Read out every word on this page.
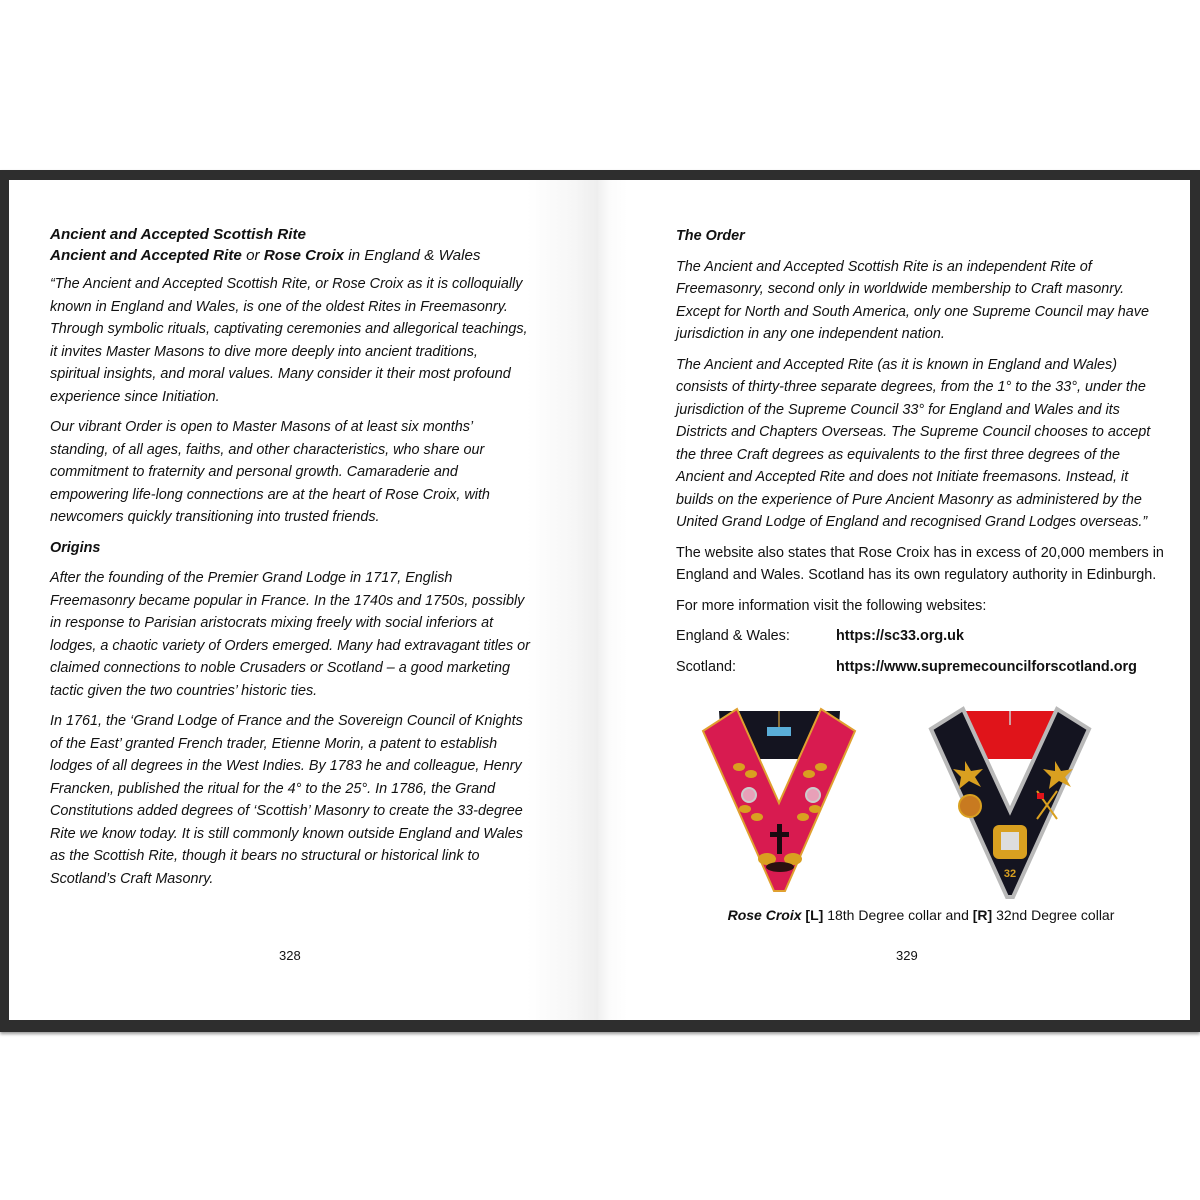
Ancient and Accepted Scottish Rite
Ancient and Accepted Rite or Rose Croix in England & Wales

“The Ancient and Accepted Scottish Rite, or Rose Croix as it is colloquially known in England and Wales, is one of the oldest Rites in Freemasonry. Through symbolic rituals, captivating ceremonies and allegorical teachings, it invites Master Masons to dive more deeply into ancient traditions, spiritual insights, and moral values. Many consider it their most profound experience since Initiation.

Our vibrant Order is open to Master Masons of at least six months’ standing, of all ages, faiths, and other characteristics, who share our commitment to fraternity and personal growth. Camaraderie and empowering life-long connections are at the heart of Rose Croix, with newcomers quickly transitioning into trusted friends.

Origins

After the founding of the Premier Grand Lodge in 1717, English Freemasonry became popular in France. In the 1740s and 1750s, possibly in response to Parisian aristocrats mixing freely with social inferiors at lodges, a chaotic variety of Orders emerged. Many had extravagant titles or claimed connections to noble Crusaders or Scotland – a good marketing tactic given the two countries’ historic ties.

In 1761, the ‘Grand Lodge of France and the Sovereign Council of Knights of the East’ granted French trader, Etienne Morin, a patent to establish lodges of all degrees in the West Indies. By 1783 he and colleague, Henry Francken, published the ritual for the 4° to the 25°. In 1786, the Grand Constitutions added degrees of ‘Scottish’ Masonry to create the 33-degree Rite we know today. It is still commonly known outside England and Wales as the Scottish Rite, though it bears no structural or historical link to Scotland’s Craft Masonry.

328

The Order

The Ancient and Accepted Scottish Rite is an independent Rite of Freemasonry, second only in worldwide membership to Craft masonry. Except for North and South America, only one Supreme Council may have jurisdiction in any one independent nation.

The Ancient and Accepted Rite (as it is known in England and Wales) consists of thirty-three separate degrees, from the 1° to the 33°, under the jurisdiction of the Supreme Council 33° for England and Wales and its Districts and Chapters Overseas. The Supreme Council chooses to accept the three Craft degrees as equivalents to the first three degrees of the Ancient and Accepted Rite and does not Initiate freemasons. Instead, it builds on the experience of Pure Ancient Masonry as administered by the United Grand Lodge of England and recognised Grand Lodges overseas.”

The website also states that Rose Croix has in excess of 20,000 members in England and Wales. Scotland has its own regulatory authority in Edinburgh.

For more information visit the following websites:

England & Wales:	https://sc33.org.uk
Scotland:	https://www.supremecouncilforscotland.org
32
Rose Croix [L] 18th Degree collar and [R] 32nd Degree collar
329
